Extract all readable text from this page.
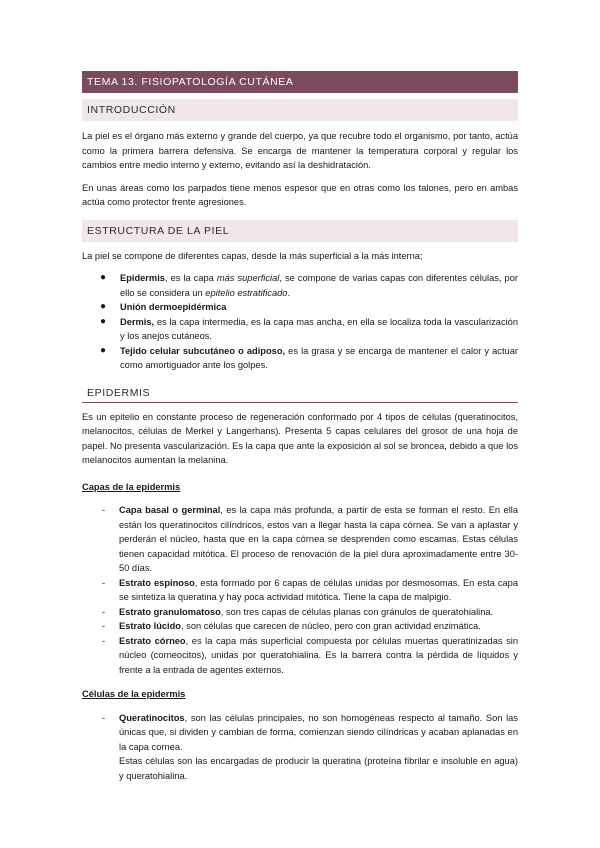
TEMA 13. FISIOPATOLOGÍA CUTÁNEA
INTRODUCCIÓN

La piel es el órgano más externo y grande del cuerpo, ya que recubre todo el organismo, por tanto, actúa como la primera barrera defensiva. Se encarga de mantener la temperatura corporal y regular los cambios entre medio interno y externo, evitando así la deshidratación.

En unas áreas como los parpados tiene menos espesor que en otras como los talones, pero en ambas actúa como protector frente agresiones.

ESTRUCTURA DE LA PIEL

La piel se compone de diferentes capas, desde la más superficial a la más interna;

● Epidermis, es la capa más superficial, se compone de varias capas con diferentes células, por ello se considera un epitelio estratificado.
● Unión dermoepidérmica
● Dermis, es la capa intermedia, es la capa mas ancha, en ella se localiza toda la vascularización y los anejos cutáneos.
● Tejido celular subcutáneo o adiposo, es la grasa y se encarga de mantener el calor y actuar como amortiguador ante los golpes.
EPIDERMIS

Es un epitelio en constante proceso de regeneración conformado por 4 tipos de células (queratinocitos, melanocitos, células de Merkel y Langerhans). Presenta 5 capas celulares del grosor de una hoja de papel. No presenta vascularización. Es la capa que ante la exposición al sol se broncea, debido a que los melanocitos aumentan la melanina.

Capas de la epidermis
- Capa basal o germinal, es la capa más profunda, a partir de esta se forman el resto. En ella están los queratinocitos cilíndricos, estos van a llegar hasta la capa córnea. Se van a aplastar y perderán el núcleo, hasta que en la capa córnea se desprenden como escamas. Estas células tienen capacidad mitótica. El proceso de renovación de la piel dura aproximadamente entre 30-50 días.
- Estrato espinoso, esta formado por 6 capas de células unidas por desmosomas. En esta capa se sintetiza la queratina y hay poca actividad mitótica. Tiene la capa de malpigio.
- Estrato granulomatoso, son tres capas de células planas con gránulos de queratohialina.
- Estrato lúcido, son células que carecen de núcleo, pero con gran actividad enzimática.
- Estrato córneo, es la capa más superficial compuesta por células muertas queratinizadas sin núcleo (corneocitos), unidas por queratohialina. Es la barrera contra la pérdida de líquidos y frente a la entrada de agentes externos.
Células de la epidermis
- Queratinocitos, son las células principales, no son homogéneas respecto al tamaño. Son las únicas que, si dividen y cambian de forma, comienzan siendo cilíndricas y acaban aplanadas en la capa cornea.
Estas células son las encargadas de producir la queratina (proteína fibrilar e insoluble en agua) y queratohialina.
